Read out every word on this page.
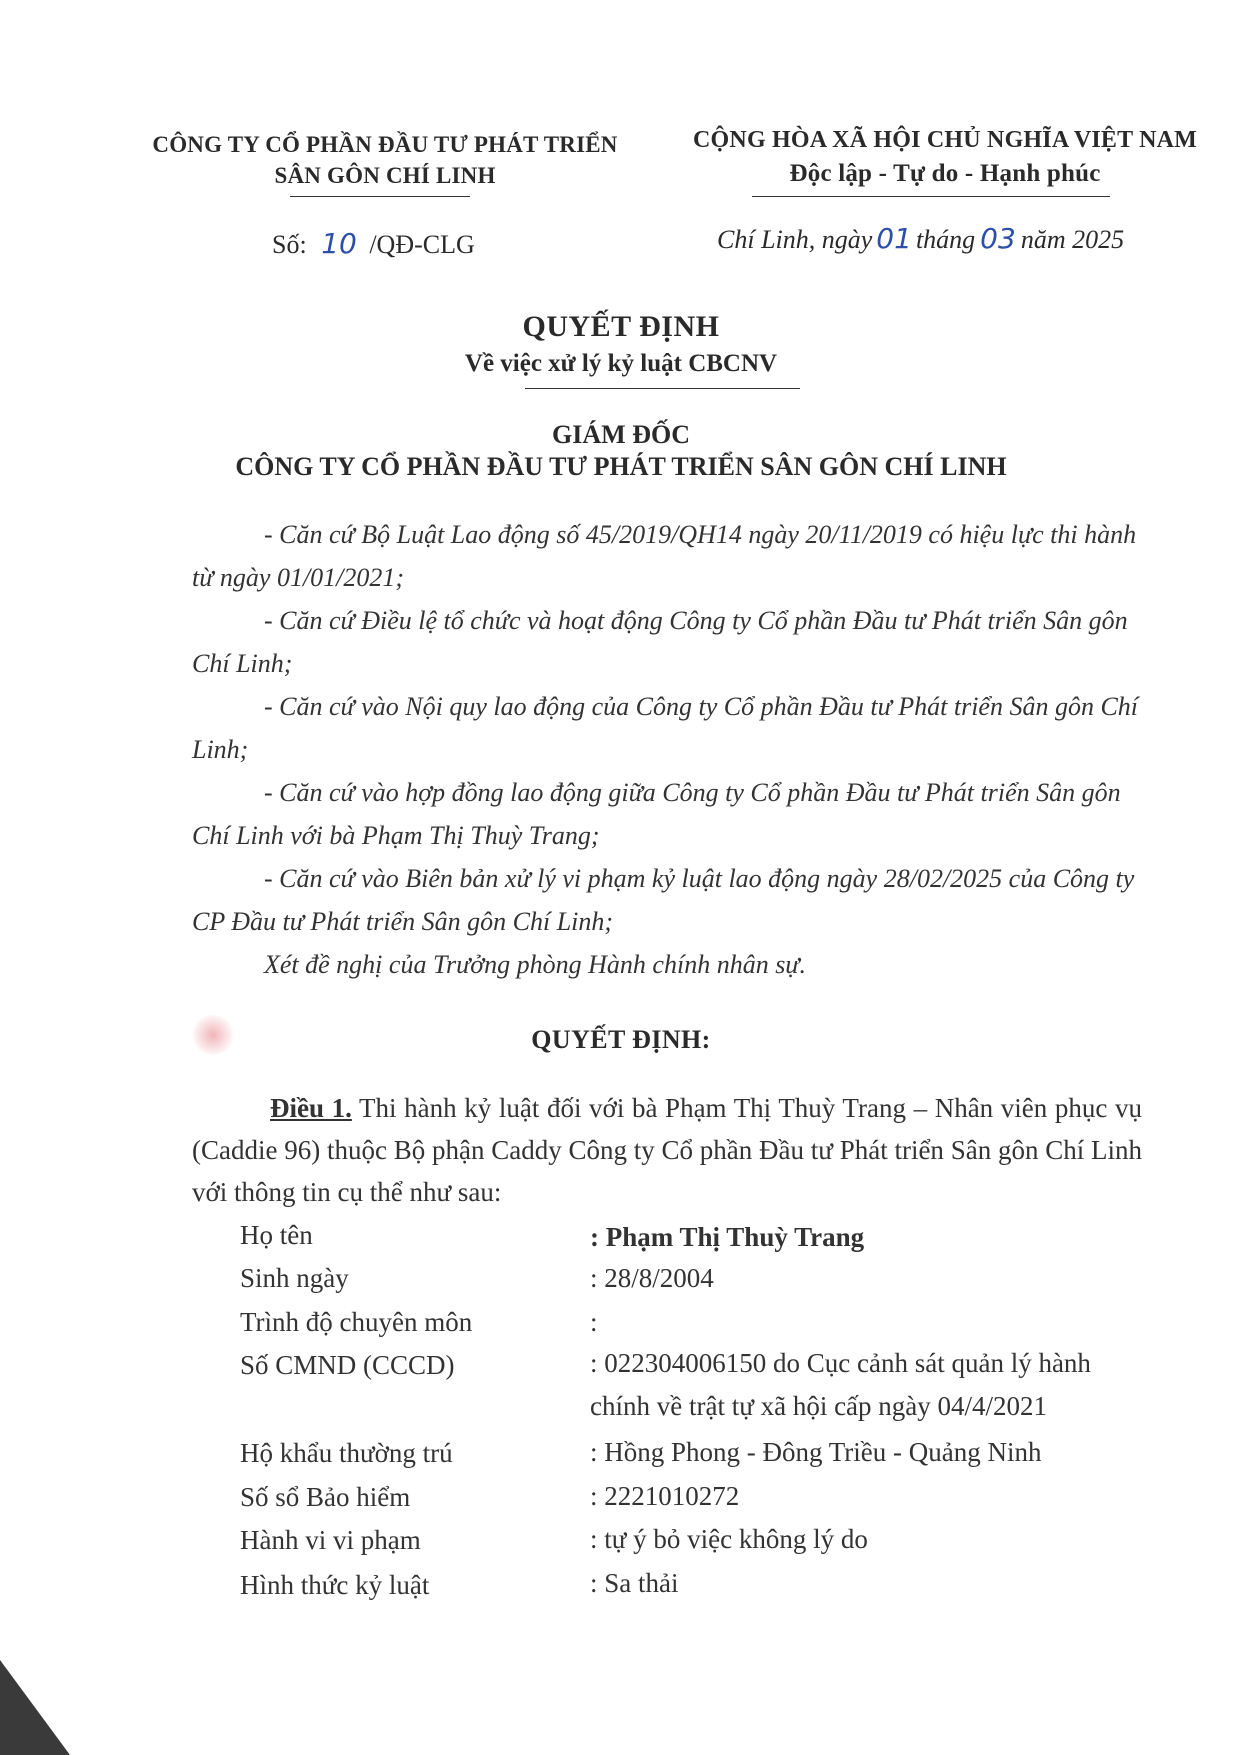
CÔNG TY CỔ PHẦN ĐẦU TƯ PHÁT TRIỂN
SÂN GÔN CHÍ LINH
CỘNG HÒA XÃ HỘI CHỦ NGHĨA VIỆT NAM
Độc lập - Tự do - Hạnh phúc
Số: 10 /QĐ-CLG	Chí Linh, ngày 01 tháng 03 năm 2025
QUYẾT ĐỊNH
Về việc xử lý kỷ luật CBCNV
GIÁM ĐỐC
CÔNG TY CỔ PHẦN ĐẦU TƯ PHÁT TRIỂN SÂN GÔN CHÍ LINH

- Căn cứ Bộ Luật Lao động số 45/2019/QH14 ngày 20/11/2019 có hiệu lực thi hành từ ngày 01/01/2021;

- Căn cứ Điều lệ tổ chức và hoạt động Công ty Cổ phần Đầu tư Phát triển Sân gôn Chí Linh;

- Căn cứ vào Nội quy lao động của Công ty Cổ phần Đầu tư Phát triển Sân gôn Chí Linh;

- Căn cứ vào hợp đồng lao động giữa Công ty Cổ phần Đầu tư Phát triển Sân gôn Chí Linh với bà Phạm Thị Thuỳ Trang;

- Căn cứ vào Biên bản xử lý vi phạm kỷ luật lao động ngày 28/02/2025 của Công ty CP Đầu tư Phát triển Sân gôn Chí Linh;

Xét đề nghị của Trưởng phòng Hành chính nhân sự.

QUYẾT ĐỊNH:
Điều 1. Thi hành kỷ luật đối với bà Phạm Thị Thuỳ Trang – Nhân viên phục vụ (Caddie 96) thuộc Bộ phận Caddy Công ty Cổ phần Đầu tư Phát triển Sân gôn Chí Linh với thông tin cụ thể như sau:
Họ tên	: Phạm Thị Thuỳ Trang
Sinh ngày	: 28/8/2004
Trình độ chuyên môn	:
Số CMND (CCCD)	: 022304006150 do Cục cảnh sát quản lý hành
chính về trật tự xã hội cấp ngày 04/4/2021
Hộ khẩu thường trú	: Hồng Phong - Đông Triều - Quảng Ninh
Số sổ Bảo hiểm	: 2221010272
Hành vi vi phạm	: tự ý bỏ việc không lý do
Hình thức kỷ luật	: Sa thải
